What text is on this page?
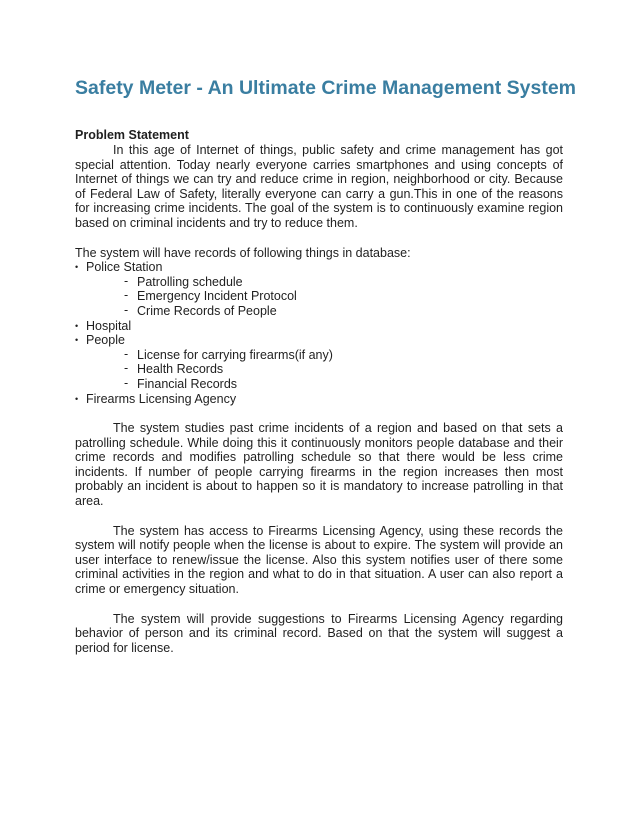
Safety Meter - An Ultimate Crime Management System
Problem Statement

In this age of Internet of things, public safety and crime management has got special attention. Today nearly everyone carries smartphones and using concepts of Internet of things we can try and reduce crime in region, neighborhood or city. Because of Federal Law of Safety, literally everyone can carry a gun.This in one of the reasons for increasing crime incidents. The goal of the system is to continuously examine region based on criminal incidents and try to reduce them.

The system will have records of following things in database:

• Police Station
- Patrolling schedule
- Emergency Incident Protocol
- Crime Records of People
• Hospital
• People
- License for carrying firearms(if any)
- Health Records
- Financial Records
• Firearms Licensing Agency

The system studies past crime incidents of a region and based on that sets a patrolling schedule. While doing this it continuously monitors people database and their crime records and modifies patrolling schedule so that there would be less crime incidents. If number of people carrying firearms in the region increases then most probably an incident is about to happen so it is mandatory to increase patrolling in that area.

The system has access to Firearms Licensing Agency, using these records the system will notify people when the license is about to expire. The system will provide an user interface to renew/issue the license. Also this system notifies user of there some criminal activities in the region and what to do in that situation. A user can also report a crime or emergency situation.

The system will provide suggestions to Firearms Licensing Agency regarding behavior of person and its criminal record. Based on that the system will suggest a period for license.
